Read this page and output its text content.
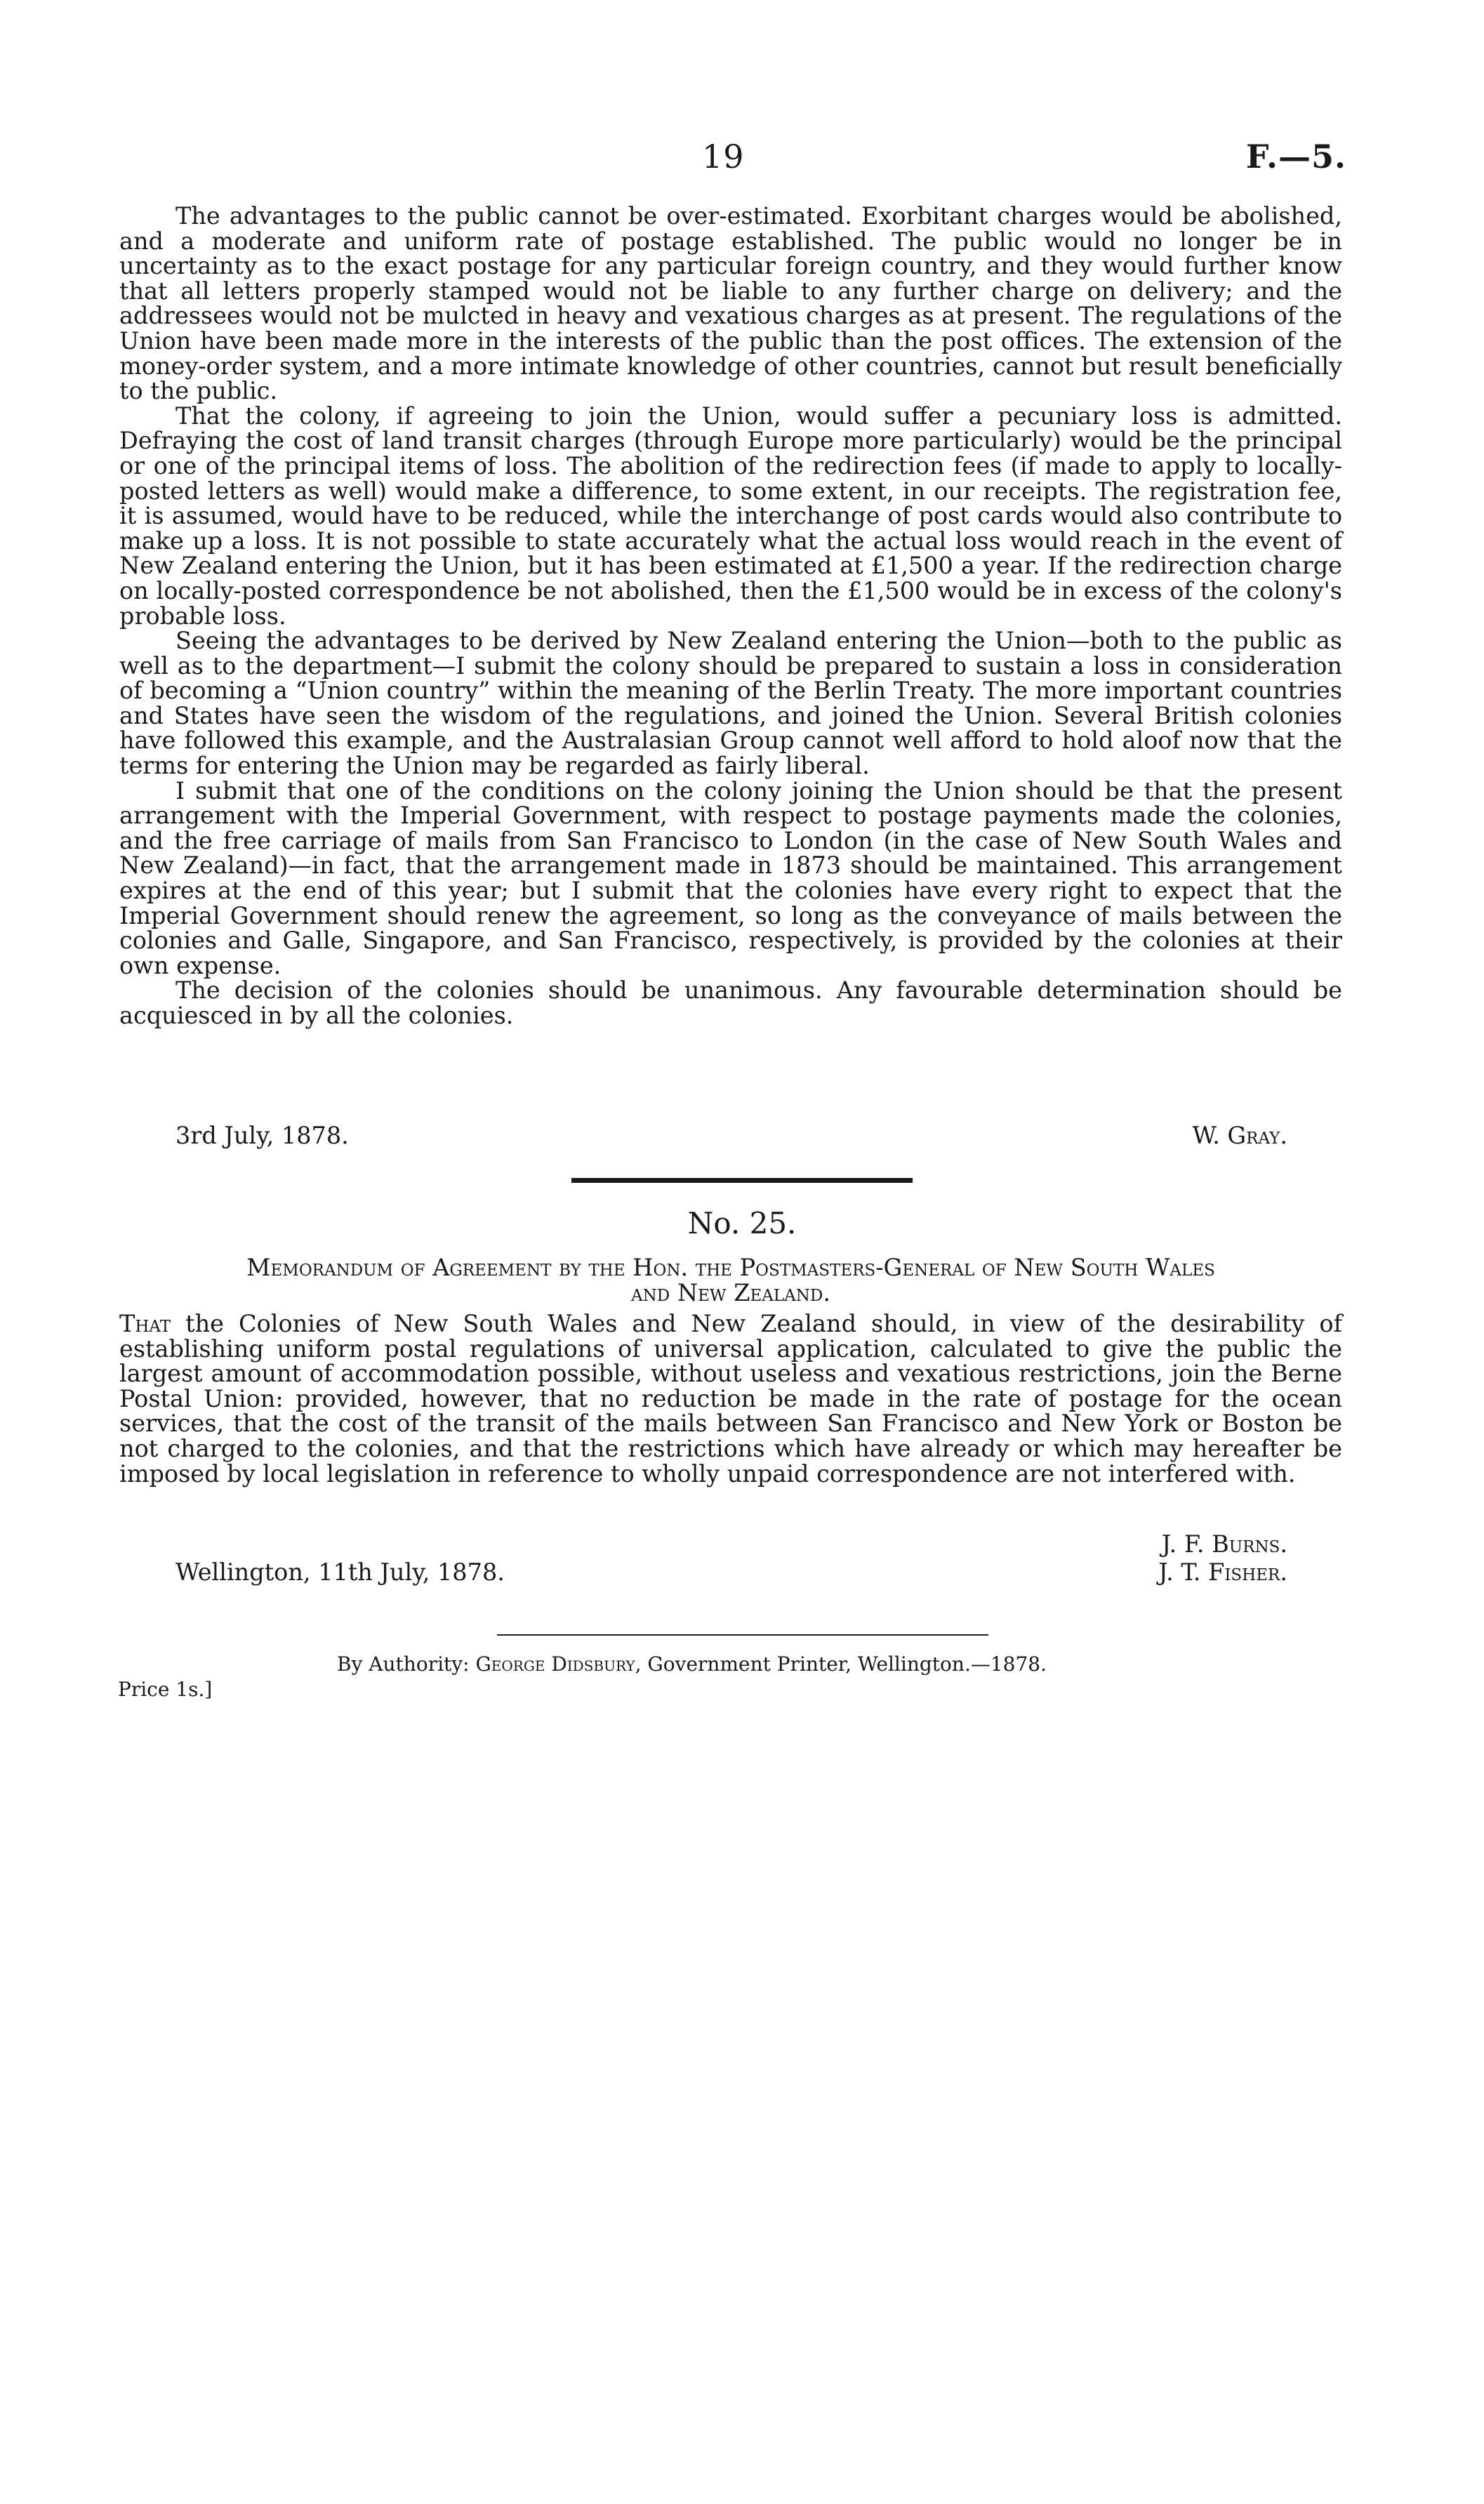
19	F.—5.

The advantages to the public cannot be over-estimated. Exorbitant charges would be abolished, and a moderate and uniform rate of postage established. The public would no longer be in uncertainty as to the exact postage for any particular foreign country, and they would further know that all letters properly stamped would not be liable to any further charge on delivery; and the addressees would not be mulcted in heavy and vexatious charges as at present. The regulations of the Union have been made more in the interests of the public than the post offices. The extension of the money-order system, and a more intimate knowledge of other countries, cannot but result beneficially to the public.

That the colony, if agreeing to join the Union, would suffer a pecuniary loss is admitted. Defraying the cost of land transit charges (through Europe more particularly) would be the principal or one of the principal items of loss. The abolition of the redirection fees (if made to apply to locally-posted letters as well) would make a difference, to some extent, in our receipts. The registration fee, it is assumed, would have to be reduced, while the interchange of post cards would also contribute to make up a loss. It is not possible to state accurately what the actual loss would reach in the event of New Zealand entering the Union, but it has been estimated at £1,500 a year. If the redirection charge on locally-posted correspondence be not abolished, then the £1,500 would be in excess of the colony's probable loss.

Seeing the advantages to be derived by New Zealand entering the Union—both to the public as well as to the department—I submit the colony should be prepared to sustain a loss in consideration of becoming a “Union country” within the meaning of the Berlin Treaty. The more important countries and States have seen the wisdom of the regulations, and joined the Union. Several British colonies have followed this example, and the Australasian Group cannot well afford to hold aloof now that the terms for entering the Union may be regarded as fairly liberal.

I submit that one of the conditions on the colony joining the Union should be that the present arrangement with the Imperial Government, with respect to postage payments made the colonies, and the free carriage of mails from San Francisco to London (in the case of New South Wales and New Zealand)—in fact, that the arrangement made in 1873 should be maintained. This arrangement expires at the end of this year; but I submit that the colonies have every right to expect that the Imperial Government should renew the agreement, so long as the conveyance of mails between the colonies and Galle, Singapore, and San Francisco, respectively, is provided by the colonies at their own expense.

The decision of the colonies should be unanimous. Any favourable determination should be acquiesced in by all the colonies.

3rd July, 1878.	W. Gray.
No. 25.
Memorandum of Agreement by the Hon. the Postmasters-General of New South Wales
and New Zealand.

That the Colonies of New South Wales and New Zealand should, in view of the desirability of establishing uniform postal regulations of universal application, calculated to give the public the largest amount of accommodation possible, without useless and vexatious restrictions, join the Berne Postal Union: provided, however, that no reduction be made in the rate of postage for the ocean services, that the cost of the transit of the mails between San Francisco and New York or Boston be not charged to the colonies, and that the restrictions which have already or which may hereafter be imposed by local legislation in reference to wholly unpaid correspondence are not interfered with.

J. F. Burns.
Wellington, 11th July, 1878.	J. T. Fisher.
By Authority: George Didsbury, Government Printer, Wellington.—1878.
Price 1s.]
